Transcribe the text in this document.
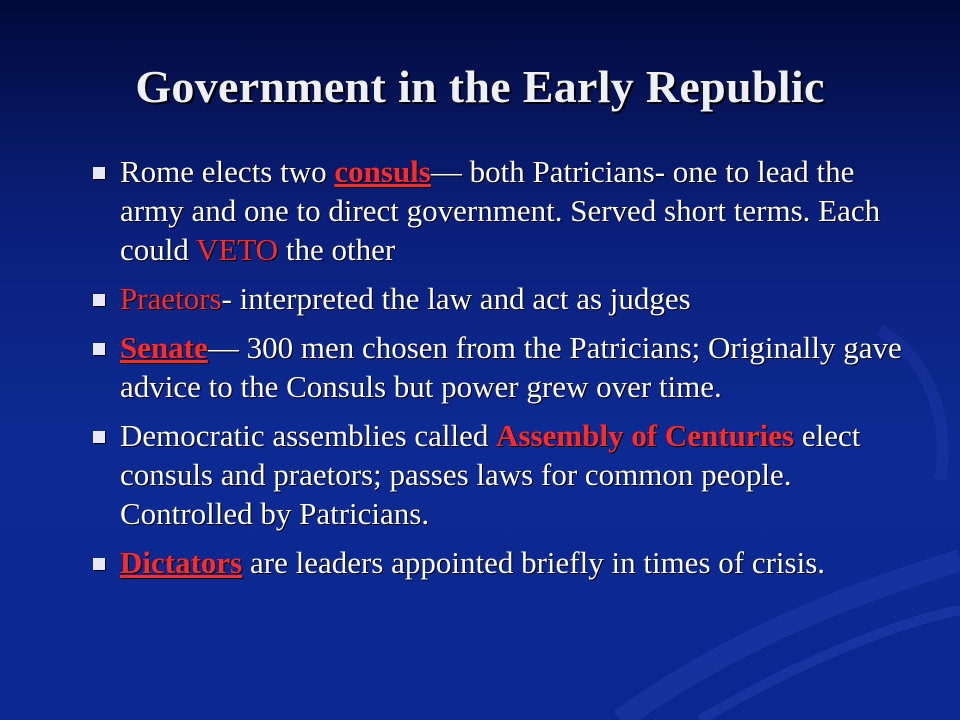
Government in the Early Republic
Rome elects two consuls— both Patricians- one to lead the army and one to direct government. Served short terms. Each could VETO the other
Praetors- interpreted the law and act as judges
Senate— 300 men chosen from the Patricians; Originally gave advice to the Consuls but power grew over time.
Democratic assemblies called Assembly of Centuries elect consuls and praetors; passes laws for common people. Controlled by Patricians.
Dictators are leaders appointed briefly in times of crisis.
